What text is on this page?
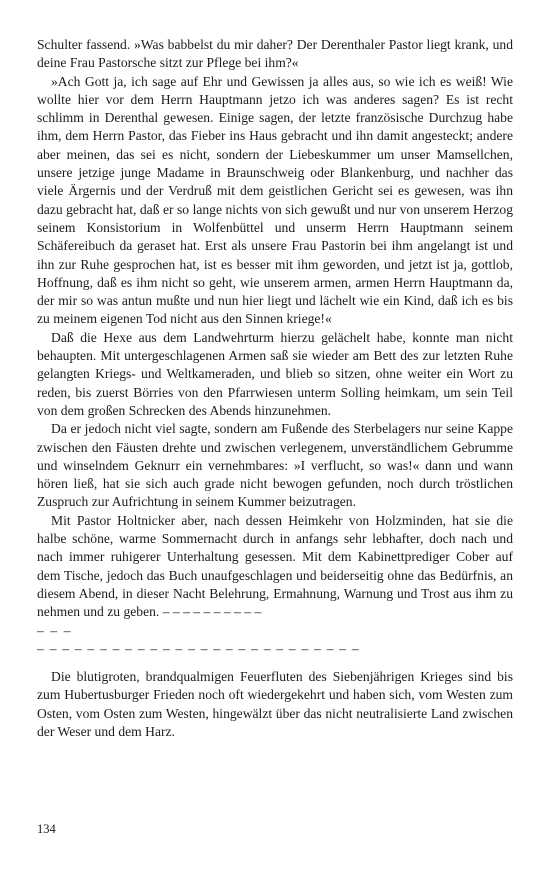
Schulter fassend. »Was babbelst du mir daher? Der Derenthaler Pastor liegt krank, und deine Frau Pastorsche sitzt zur Pflege bei ihm?«

»Ach Gott ja, ich sage auf Ehr und Gewissen ja alles aus, so wie ich es weiß! Wie wollte hier vor dem Herrn Hauptmann jetzo ich was anderes sagen? Es ist recht schlimm in Derenthal gewesen. Einige sagen, der letzte französische Durchzug habe ihm, dem Herrn Pastor, das Fieber ins Haus gebracht und ihn damit angesteckt; andere aber meinen, das sei es nicht, sondern der Liebeskummer um unser Mamsellchen, unsere jetzige junge Madame in Braunschweig oder Blankenburg, und nachher das viele Ärgernis und der Verdruß mit dem geistlichen Gericht sei es gewesen, was ihn dazu gebracht hat, daß er so lange nichts von sich gewußt und nur von unserem Herzog seinem Konsistorium in Wolfenbüttel und unserm Herrn Hauptmann seinem Schäfereibuch da geraset hat. Erst als unsere Frau Pastorin bei ihm angelangt ist und ihn zur Ruhe gesprochen hat, ist es besser mit ihm geworden, und jetzt ist ja, gottlob, Hoffnung, daß es ihm nicht so geht, wie unserem armen, armen Herrn Hauptmann da, der mir so was antun mußte und nun hier liegt und lächelt wie ein Kind, daß ich es bis zu meinem eigenen Tod nicht aus den Sinnen kriege!«

Daß die Hexe aus dem Landwehrturm hierzu gelächelt habe, konnte man nicht behaupten. Mit untergeschlagenen Armen saß sie wieder am Bett des zur letzten Ruhe gelangten Kriegs- und Weltkameraden, und blieb so sitzen, ohne weiter ein Wort zu reden, bis zuerst Börries von den Pfarrwiesen unterm Solling heimkam, um sein Teil von dem großen Schrecken des Abends hinzunehmen.

Da er jedoch nicht viel sagte, sondern am Fußende des Sterbelagers nur seine Kappe zwischen den Fäusten drehte und zwischen verlegenem, unverständlichem Gebrumme und winselndem Geknurr ein vernehmbares: »I verflucht, so was!« dann und wann hören ließ, hat sie sich auch grade nicht bewogen gefunden, noch durch tröstlichen Zuspruch zur Aufrichtung in seinem Kummer beizutragen.

Mit Pastor Holtnicker aber, nach dessen Heimkehr von Holzminden, hat sie die halbe schöne, warme Sommernacht durch in anfangs sehr lebhafter, doch nach und nach immer ruhigerer Unterhaltung gesessen. Mit dem Kabinettprediger Cober auf dem Tische, jedoch das Buch unaufgeschlagen und beiderseitig ohne das Bedürfnis, an diesem Abend, in dieser Nacht Belehrung, Ermahnung, Warnung und Trost aus ihm zu nehmen und zu geben. – – – – – – – – – –

– – –

– – – – – – – – – – – – – – – – – – – – – – – – – –

Die blutigroten, brandqualmigen Feuerfluten des Siebenjährigen Krieges sind bis zum Hubertusburger Frieden noch oft wiedergekehrt und haben sich, vom Westen zum Osten, vom Osten zum Westen, hingewälzt über das nicht neutralisierte Land zwischen der Weser und dem Harz.

134
